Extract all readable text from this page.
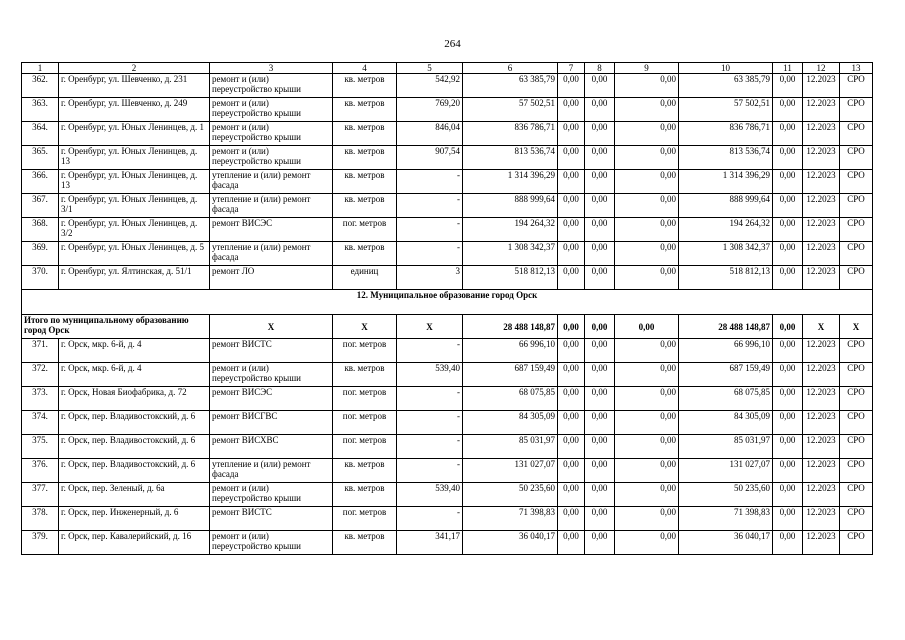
264
1	2	3	4	5	6	7	8	9	10	11	12	13
362.	г. Оренбург, ул. Шевченко, д. 231	ремонт и (или) переустройство крыши	кв. метров	542,92	63 385,79	0,00	0,00	0,00	63 385,79	0,00	12.2023	СРО
363.	г. Оренбург, ул. Шевченко, д. 249	ремонт и (или) переустройство крыши	кв. метров	769,20	57 502,51	0,00	0,00	0,00	57 502,51	0,00	12.2023	СРО
364.	г. Оренбург, ул. Юных Ленинцев, д. 1	ремонт и (или) переустройство крыши	кв. метров	846,04	836 786,71	0,00	0,00	0,00	836 786,71	0,00	12.2023	СРО
365.	г. Оренбург, ул. Юных Ленинцев, д. 13	ремонт и (или) переустройство крыши	кв. метров	907,54	813 536,74	0,00	0,00	0,00	813 536,74	0,00	12.2023	СРО
366.	г. Оренбург, ул. Юных Ленинцев, д. 13	утепление и (или) ремонт фасада	кв. метров	-	1 314 396,29	0,00	0,00	0,00	1 314 396,29	0,00	12.2023	СРО
367.	г. Оренбург, ул. Юных Ленинцев, д. 3/1	утепление и (или) ремонт фасада	кв. метров	-	888 999,64	0,00	0,00	0,00	888 999,64	0,00	12.2023	СРО
368.	г. Оренбург, ул. Юных Ленинцев, д. 3/2	ремонт ВИСЭС	пог. метров	-	194 264,32	0,00	0,00	0,00	194 264,32	0,00	12.2023	СРО
369.	г. Оренбург, ул. Юных Ленинцев, д. 5	утепление и (или) ремонт фасада	кв. метров	-	1 308 342,37	0,00	0,00	0,00	1 308 342,37	0,00	12.2023	СРО
370.	г. Оренбург, ул. Ялтинская, д. 51/1	ремонт ЛО	единиц	3	518 812,13	0,00	0,00	0,00	518 812,13	0,00	12.2023	СРО
12. Муниципальное образование город Орск												
Итого по муниципальному образованию город Орск		X	X	X	28 488 148,87	0,00	0,00	0,00	28 488 148,87	0,00	X	X
371.	г. Орск, мкр. 6-й, д. 4	ремонт ВИСТС	пог. метров	-	66 996,10	0,00	0,00	0,00	66 996,10	0,00	12.2023	СРО
372.	г. Орск, мкр. 6-й, д. 4	ремонт и (или) переустройство крыши	кв. метров	539,40	687 159,49	0,00	0,00	0,00	687 159,49	0,00	12.2023	СРО
373.	г. Орск, Новая Биофабрика, д. 72	ремонт ВИСЭС	пог. метров	-	68 075,85	0,00	0,00	0,00	68 075,85	0,00	12.2023	СРО
374.	г. Орск, пер. Владивостокский, д. 6	ремонт ВИСГВС	пог. метров	-	84 305,09	0,00	0,00	0,00	84 305,09	0,00	12.2023	СРО
375.	г. Орск, пер. Владивостокский, д. 6	ремонт ВИСХВС	пог. метров	-	85 031,97	0,00	0,00	0,00	85 031,97	0,00	12.2023	СРО
376.	г. Орск, пер. Владивостокский, д. 6	утепление и (или) ремонт фасада	кв. метров	-	131 027,07	0,00	0,00	0,00	131 027,07	0,00	12.2023	СРО
377.	г. Орск, пер. Зеленый, д. 6а	ремонт и (или) переустройство крыши	кв. метров	539,40	50 235,60	0,00	0,00	0,00	50 235,60	0,00	12.2023	СРО
378.	г. Орск, пер. Инженерный, д. 6	ремонт ВИСТС	пог. метров	-	71 398,83	0,00	0,00	0,00	71 398,83	0,00	12.2023	СРО
379.	г. Орск, пер. Кавалерийский, д. 16	ремонт и (или) переустройство крыши	кв. метров	341,17	36 040,17	0,00	0,00	0,00	36 040,17	0,00	12.2023	СРО
